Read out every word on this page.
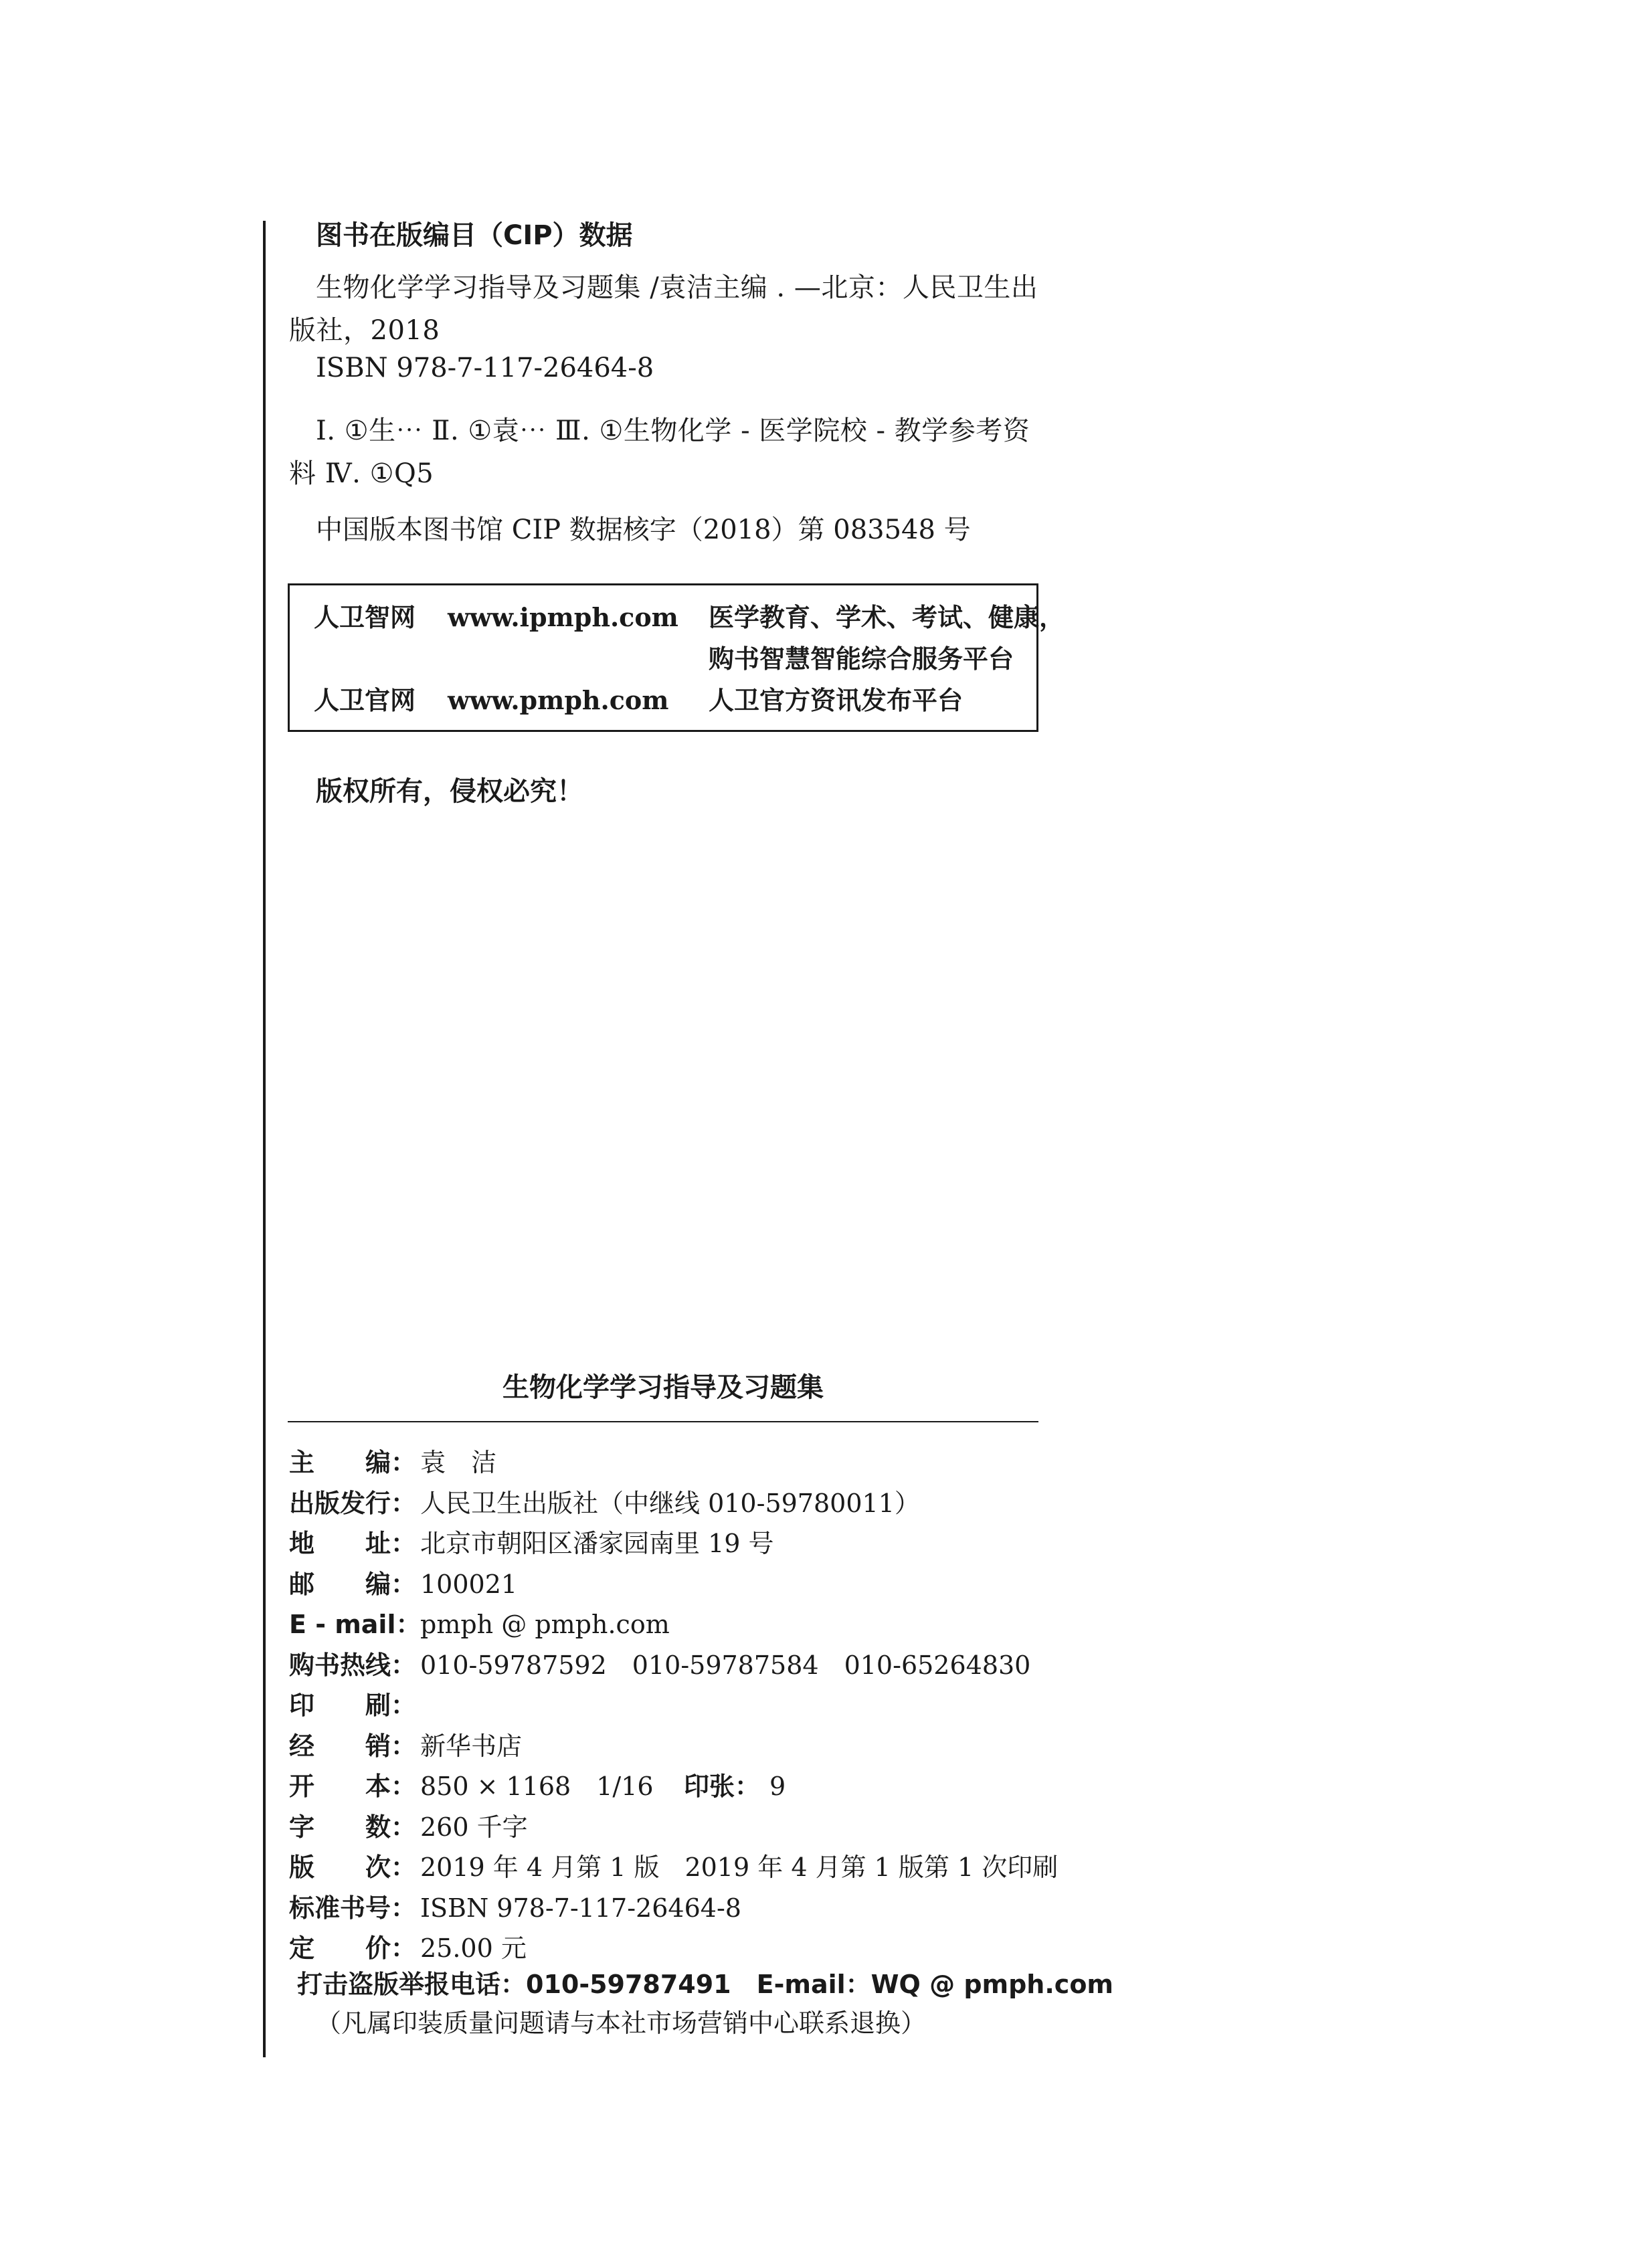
图书在版编目（CIP）数据
生物化学学习指导及习题集 /袁洁主编 . —北京：人民卫生出版社，2018
ISBN 978-7-117-26464-8
Ⅰ. ①生⋯ Ⅱ. ①袁⋯ Ⅲ. ①生物化学 - 医学院校 - 教学参考资料 Ⅳ. ①Q5
中国版本图书馆 CIP 数据核字（2018）第 083548 号
人卫智网 www.ipmph.com 医学教育、学术、考试、健康，
购书智慧智能综合服务平台
人卫官网 www.pmph.com 人卫官方资讯发布平台
版权所有，侵权必究！
生物化学学习指导及习题集
主　　编： 袁　洁
出版发行： 人民卫生出版社（中继线 010-59780011）
地　　址： 北京市朝阳区潘家园南里 19 号
邮　　编： 100021
E - mail：
pmph @ pmph.com
购书热线： 010-59787592　010-59787584　010-65264830
印　　刷：
经　　销： 新华书店
开　　本： 850 × 1168　1/16 印张： 9
字　　数： 260 千字
版　　次： 2019 年 4 月第 1 版　2019 年 4 月第 1 版第 1 次印刷
标准书号： ISBN 978-7-117-26464-8
定　　价： 25.00 元
打击盗版举报电话：010-59787491　E-mail：WQ @ pmph.com
（凡属印装质量问题请与本社市场营销中心联系退换）
